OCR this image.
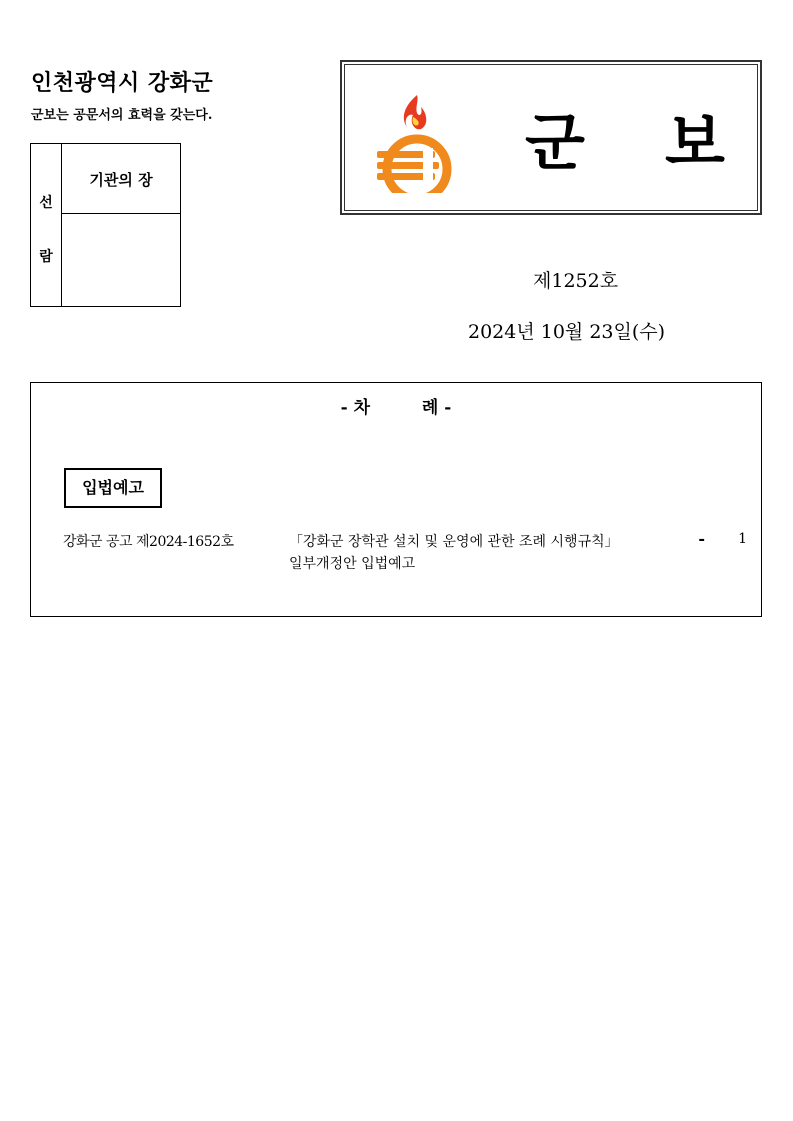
인천광역시 강화군
군보는 공문서의 효력을 갖는다.
선
람
기관의 장
군 보
제1252호
2024년 10월 23일(수)
- 차	례 -
입법예고
강화군 공고 제2024-1652호	「강화군 장학관 설치 및 운영에 관한 조례 시행규칙」
일부개정안 입법예고
- 1
